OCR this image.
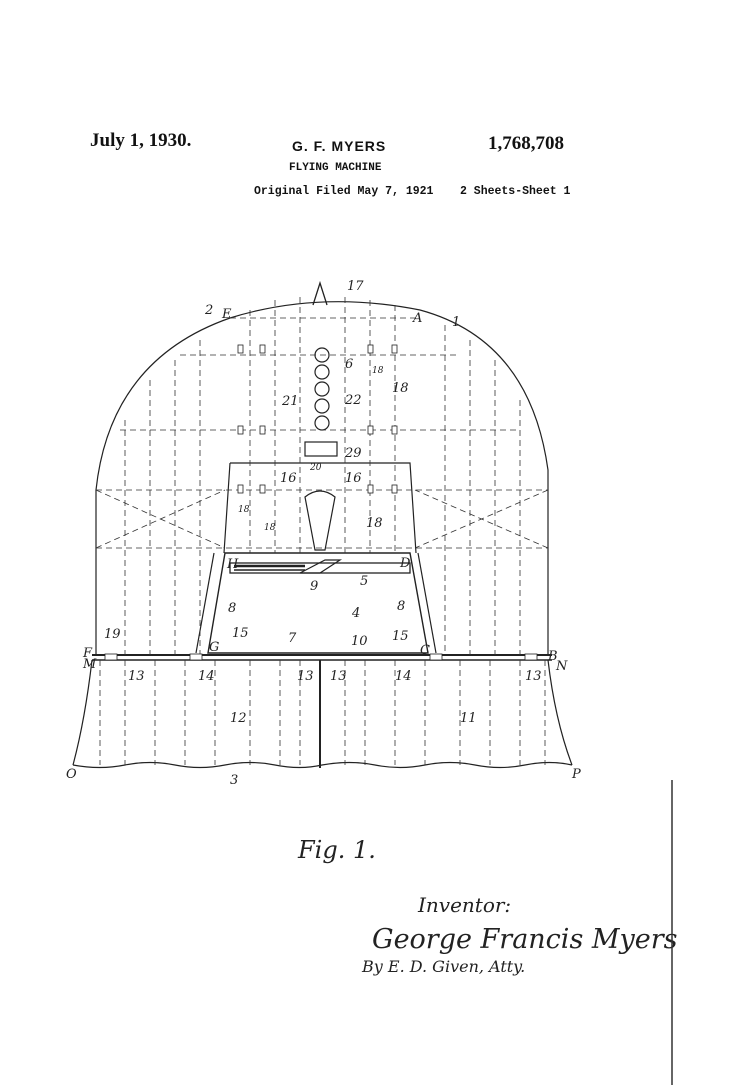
July 1, 1930.	G. F. MYERS	1,768,708
FLYING MACHINE
Original Filed May 7, 1921 2 Sheets-Sheet 1
17
2 E	A 1
6 18
18
21	22
29
20
16	16
18
18
18
H	D
9	5
8	4	8
15	7	10 15
19
F
M
G	C	B
N
13	14	13 13	14	13
12	11
O	3	P
Fig. 1.
Inventor:
George Francis Myers
By E. D. Given, Atty.
